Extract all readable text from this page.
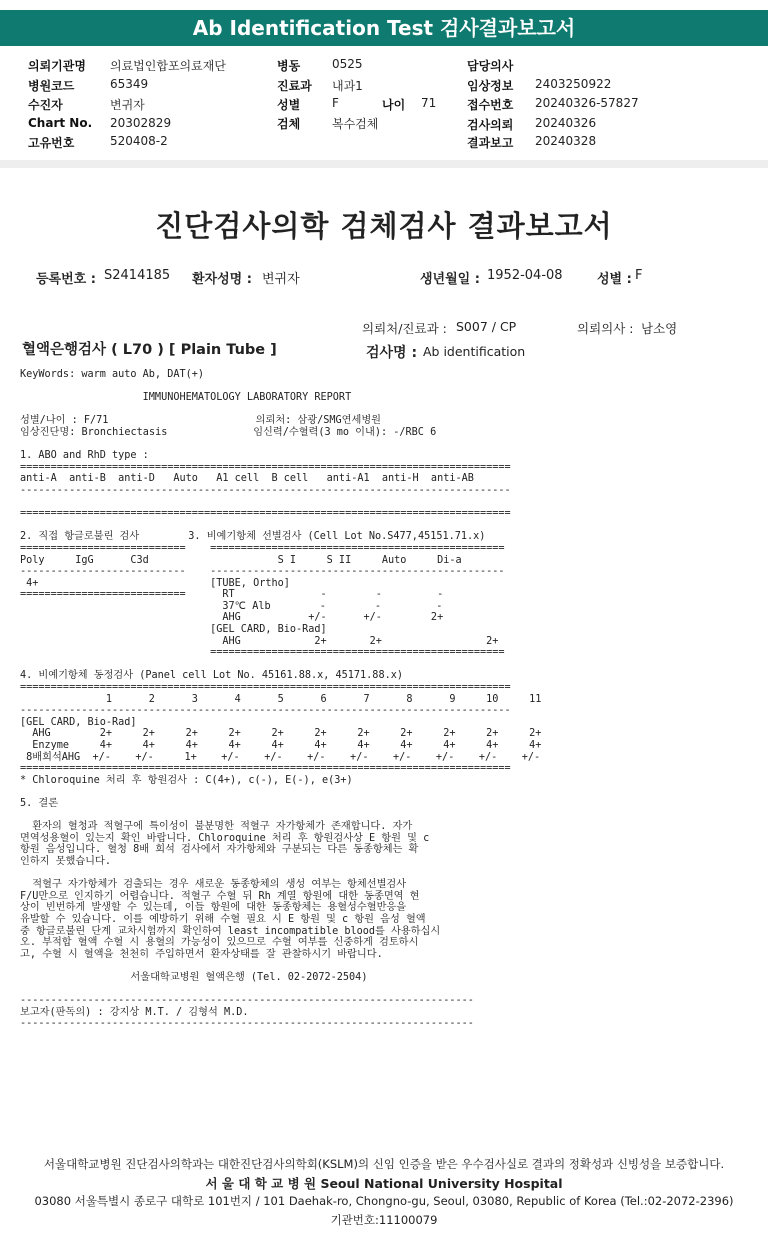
Ab Identification Test 검사결과보고서
의뢰기관명 의료법인합포의료재단
병원코드	65349
수진자	변귀자
Chart No. 20302829
고유번호	520408-2
병동	0525
진료과 내과1
성별	F	나이 71
검체	복수검체
담당의사
임상정보 2403250922
접수번호 20240326-57827
검사의뢰 20240326
결과보고 20240328
진단검사의학 검체검사 결과보고서
등록번호 : S2414185 환자성명 : 변귀자	생년월일 : 1952-04-08	성별 : F
의뢰처/진료과 : S007 / CP	의뢰의사 : 남소영
혈액은행검사 ( L70 ) [ Plain Tube ]	검사명 : Ab identification
KeyWords: warm auto Ab, DAT(+)

IMMUNOHEMATOLOGY LABORATORY REPORT

성별/나이 : F/71                        의뢰처: 삼광/SMG연세병원
임상진단명: Bronchiectasis              임신력/수혈력(3 mo 이내): -/RBC 6

1. ABO and RhD type :
================================================================================
anti-A  anti-B  anti-D   Auto   A1 cell  B cell   anti-A1  anti-H  anti-AB
--------------------------------------------------------------------------------

================================================================================

2. 직접 항글로불린 검사        3. 비예기항체 선별검사 (Cell Lot No.S477,45151.71.x)
===========================    ================================================
Poly     IgG      C3d                     S I     S II     Auto     Di-a
---------------------------    ------------------------------------------------
4+                            [TUBE, Ortho]
===========================      RT              -        -         -
37℃ Alb        -        -         -
AHG           +/-      +/-        2+
[GEL CARD, Bio-Rad]
AHG            2+       2+                 2+
================================================

4. 비예기항체 동정검사 (Panel cell Lot No. 45161.88.x, 45171.88.x)
================================================================================
1      2      3      4      5      6      7      8      9     10     11
--------------------------------------------------------------------------------
[GEL CARD, Bio-Rad]
AHG        2+     2+     2+     2+     2+     2+     2+     2+     2+     2+     2+
Enzyme     4+     4+     4+     4+     4+     4+     4+     4+     4+     4+     4+
8배희석AHG  +/-    +/-     1+    +/-    +/-    +/-    +/-    +/-    +/-    +/-    +/-
================================================================================
* Chloroquine 처리 후 항원검사 : C(4+), c(-), E(-), e(3+)

5. 결론

환자의 혈청과 적혈구에 특이성이 불분명한 적혈구 자가항체가 존재합니다. 자가
면역성용혈이 있는지 확인 바랍니다. Chloroquine 처리 후 항원검사상 E 항원 및 c
항원 음성입니다. 혈청 8배 희석 검사에서 자가항체와 구분되는 다른 동종항체는 확
인하지 못했습니다.

적혈구 자가항체가 검출되는 경우 새로운 동종항체의 생성 여부는 항체선별검사
F/U만으로 인지하기 어렵습니다. 적혈구 수혈 뒤 Rh 계열 항원에 대한 동종면역 현
상이 빈번하게 발생할 수 있는데, 이들 항원에 대한 동종항체는 용혈성수혈반응을
유발할 수 있습니다. 이를 예방하기 위해 수혈 필요 시 E 항원 및 c 항원 음성 혈액
중 항글로불린 단계 교차시험까지 확인하여 least incompatible blood를 사용하십시
오. 부적합 혈액 수혈 시 용혈의 가능성이 있으므로 수혈 여부를 신중하게 검토하시
고, 수혈 시 혈액을 천천히 주입하면서 환자상태를 잘 관찰하시기 바랍니다.

서울대학교병원 혈액은행 (Tel. 02-2072-2504)

--------------------------------------------------------------------------
보고자(판독의) : 강지상 M.T. / 김형석 M.D.
--------------------------------------------------------------------------
서울대학교병원 진단검사의학과는 대한진단검사의학회(KSLM)의 신임 인증을 받은 우수검사실로 결과의 정확성과 신빙성을 보증합니다.
서 울 대 학 교 병 원 Seoul National University Hospital
03080 서울특별시 종로구 대학로 101번지 / 101 Daehak-ro, Chongno-gu, Seoul, 03080, Republic of Korea (Tel.:02-2072-2396)
기관번호:11100079
